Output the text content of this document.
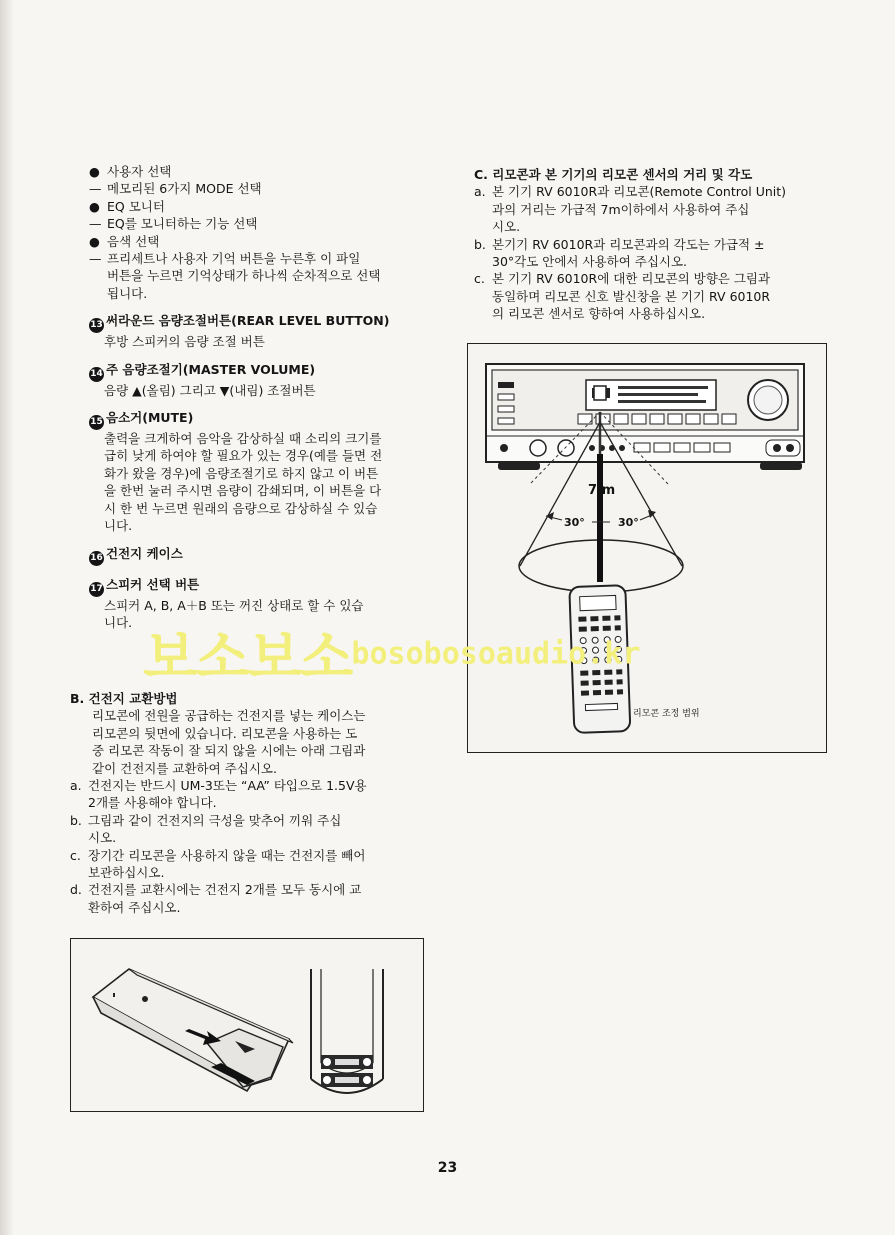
● 사용자 선택
— 메모리된 6가지 MODE 선택
● EQ 모니터
— EQ를 모니터하는 기능 선택
● 음색 선택
— 프리세트나 사용자 기억 버튼을 누른후 이 파일
버튼을 누르면 기억상태가 하나씩 순차적으로 선택
됩니다.
13 써라운드 음량조절버튼(REAR LEVEL BUTTON)
후방 스피커의 음량 조절 버튼
14 주 음량조절기(MASTER VOLUME)
음량 ▲(올림) 그리고 ▼(내림) 조절버튼
15 음소거(MUTE)
출력을 크게하여 음악을 감상하실 때 소리의 크기를
급히 낮게 하여야 할 필요가 있는 경우(예를 들면 전
화가 왔을 경우)에 음량조절기로 하지 않고 이 버튼
을 한번 눌러 주시면 음량이 감쇄되며, 이 버튼을 다
시 한 번 누르면 원래의 음량으로 감상하실 수 있습
니다.
16 건전지 케이스
17 스피커 선택 버튼
스피커 A, B, A＋B 또는 꺼진 상태로 할 수 있습
니다.
B. 건전지 교환방법
리모콘에 전원을 공급하는 건전지를 넣는 케이스는
리모콘의 뒷면에 있습니다. 리모콘을 사용하는 도
중 리모콘 작동이 잘 되지 않을 시에는 아래 그림과
같이 건전지를 교환하여 주십시오.
a. 건전지는 반드시 UM-3또는 “AA” 타입으로 1.5V용
2개를 사용해야 합니다.
b. 그림과 같이 건전지의 극성을 맞추어 끼워 주십
시오.
c. 장기간 리모콘을 사용하지 않을 때는 건전지를 빼어
보관하십시오.
d. 건전지를 교환시에는 건전지 2개를 모두 동시에 교
환하여 주십시오.
C. 리모콘과 본 기기의 리모콘 센서의 거리 및 각도
a. 본 기기 RV 6010R과 리모콘(Remote Control Unit)
과의 거리는 가급적 7m이하에서 사용하여 주십
시오.
b. 본기기 RV 6010R과 리모콘과의 각도는 가급적 ±
30°각도 안에서 사용하여 주십시오.
c. 본 기기 RV 6010R에 대한 리모콘의 방향은 그림과
동일하며 리모콘 신호 발신창을 본 기기 RV 6010R
의 리모콘 센서로 향하여 사용하십시오.
7 m
30°	30°
리모콘 조정 범위
보소보소bosobosoaudio.kr
23
